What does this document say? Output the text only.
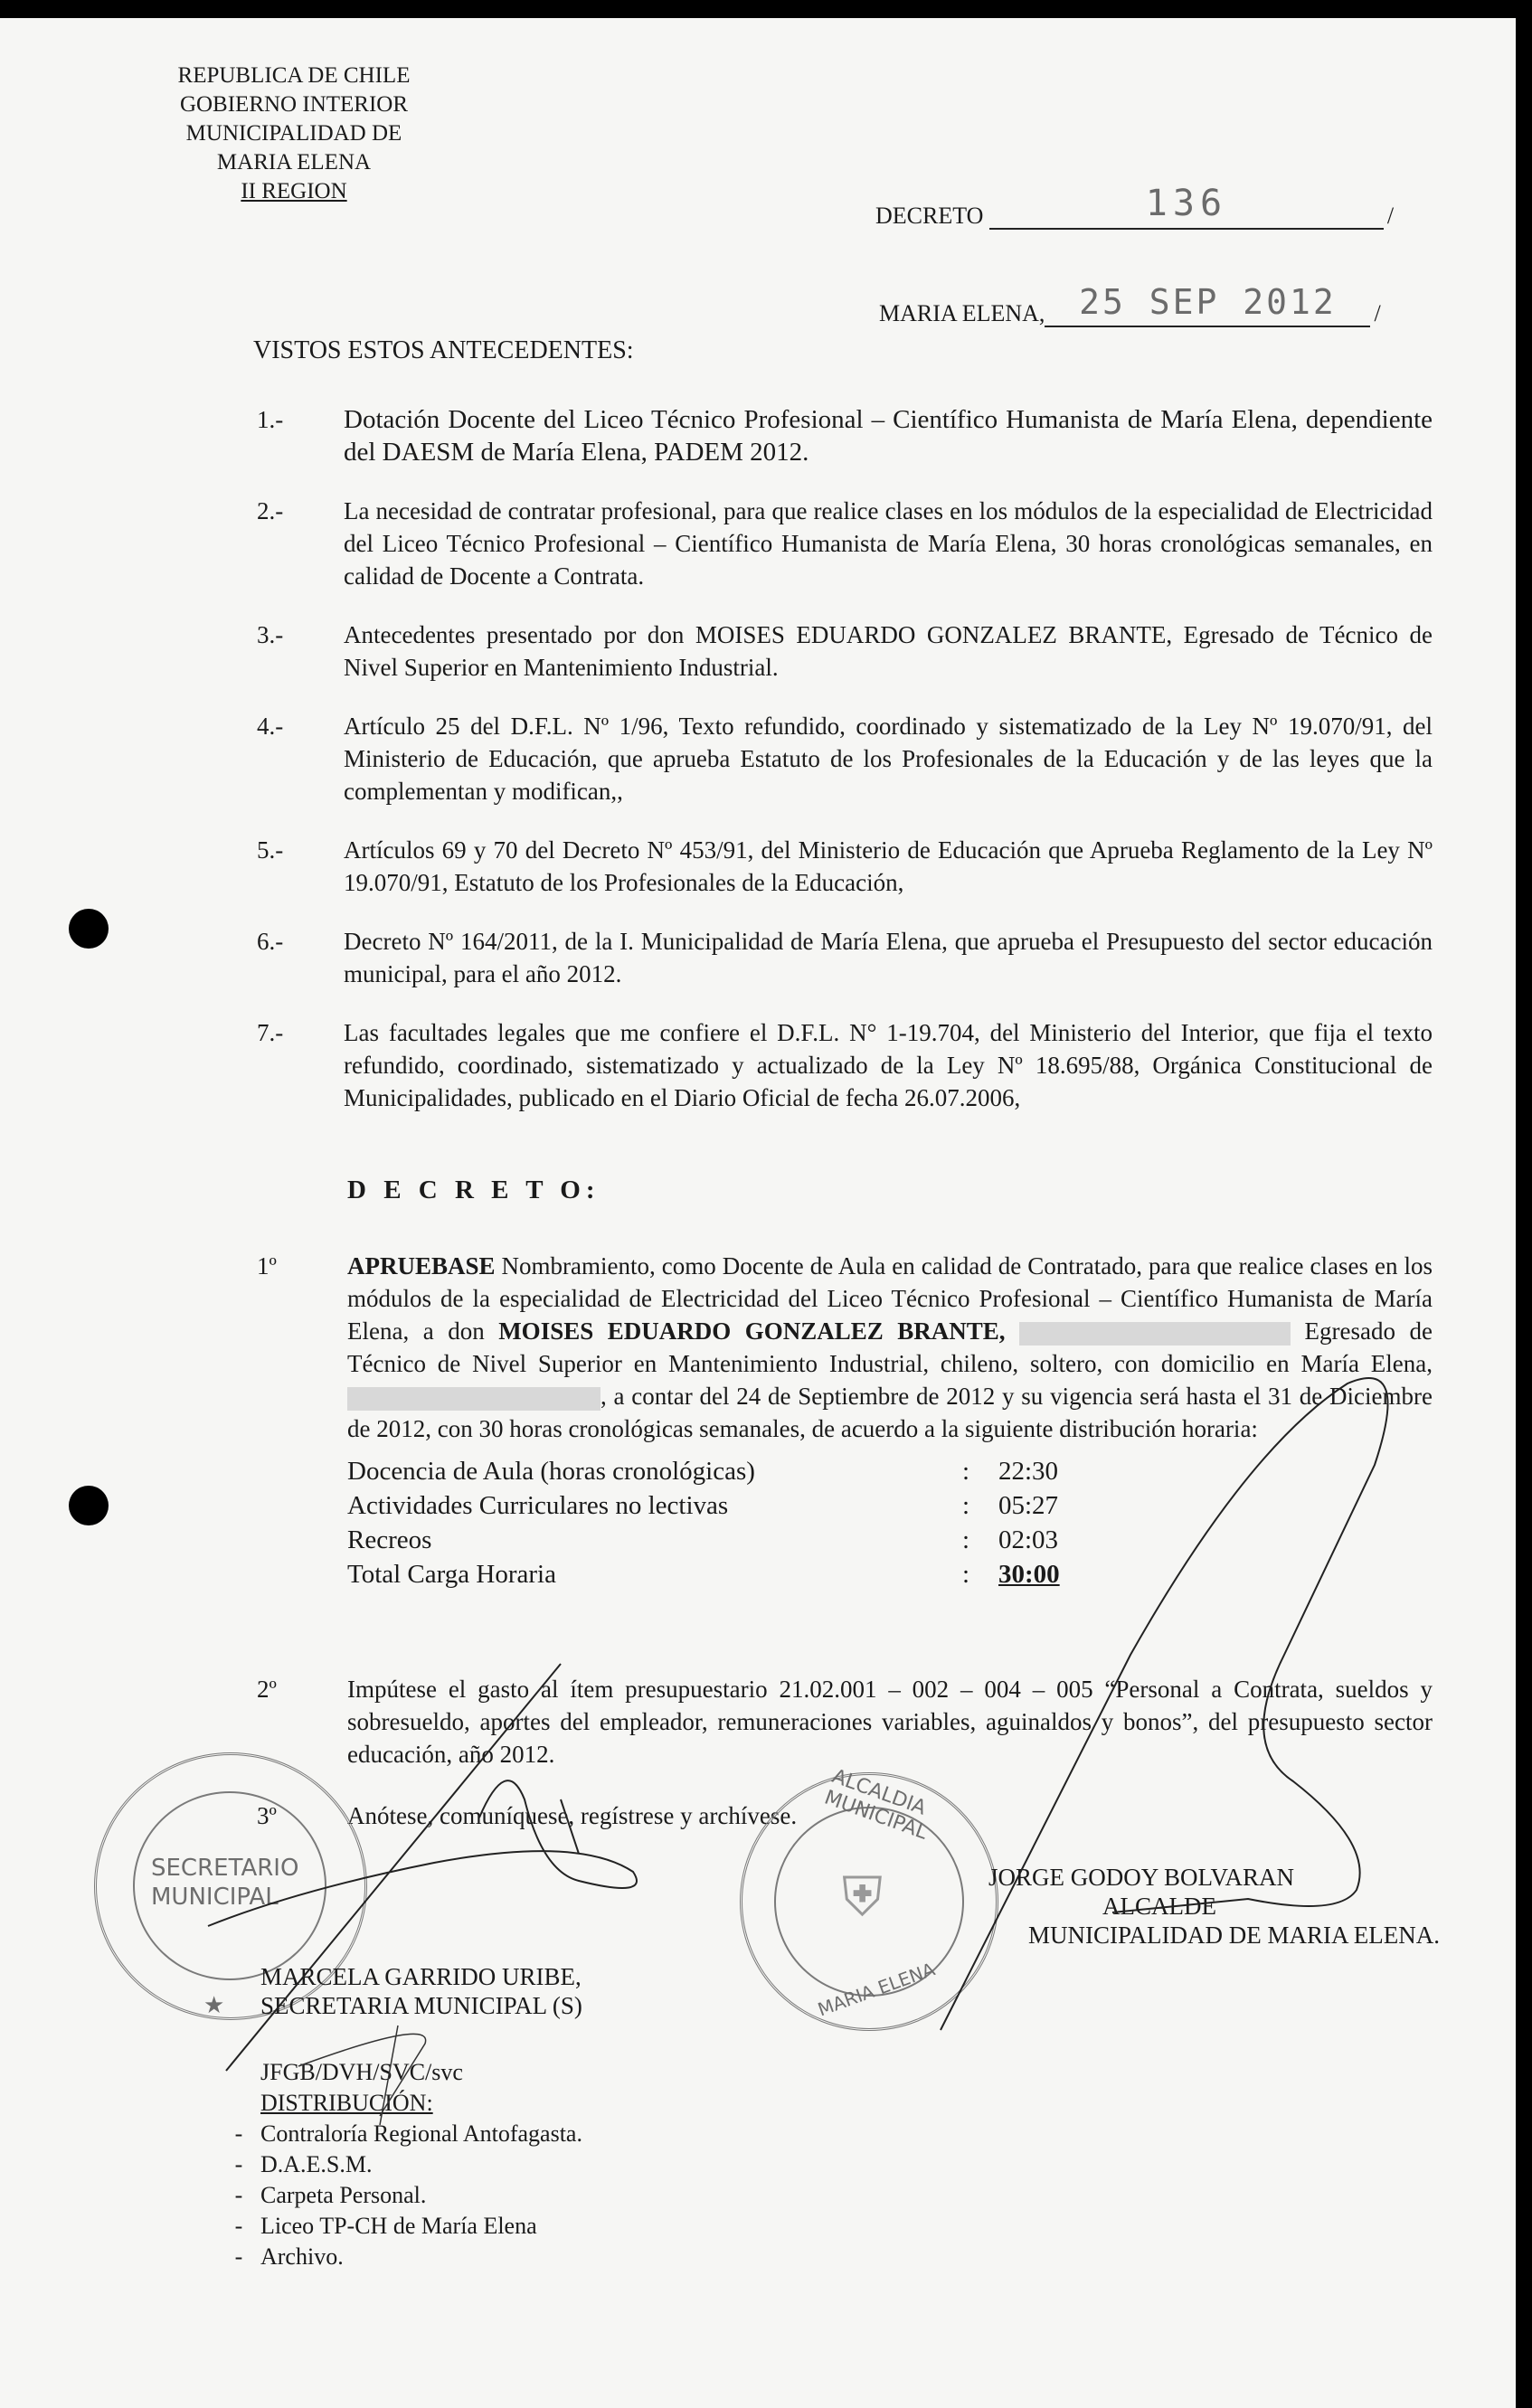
REPUBLICA DE CHILE
GOBIERNO INTERIOR
MUNICIPALIDAD DE
MARIA ELENA
II REGION
DECRETO	136	/
MARIA ELENA, 25 SEP 2012	/
VISTOS ESTOS ANTECEDENTES:
1.-	Dotación Docente del Liceo Técnico Profesional – Científico Humanista de María Elena, dependiente del DAESM de María Elena, PADEM 2012.
2.-	La necesidad de contratar profesional, para que realice clases en los módulos de la especialidad de Electricidad del Liceo Técnico Profesional – Científico Humanista de María Elena, 30 horas cronológicas semanales, en calidad de Docente a Contrata.
3.-	Antecedentes presentado por don MOISES EDUARDO GONZALEZ BRANTE, Egresado de Técnico de Nivel Superior en Mantenimiento Industrial.
4.-	Artículo 25 del D.F.L. Nº 1/96, Texto refundido, coordinado y sistematizado de la Ley Nº 19.070/91, del Ministerio de Educación, que aprueba Estatuto de los Profesionales de la Educación y de las leyes que la complementan y modifican,,
5.-	Artículos 69 y 70 del Decreto Nº 453/91, del Ministerio de Educación que Aprueba Reglamento de la Ley Nº 19.070/91, Estatuto de los Profesionales de la Educación,
6.-	Decreto Nº 164/2011, de la I. Municipalidad de María Elena, que aprueba el Presupuesto del sector educación municipal, para el año 2012.
7.-	Las facultades legales que me confiere el D.F.L. N° 1-19.704, del Ministerio del Interior, que fija el texto refundido, coordinado, sistematizado y actualizado de la Ley Nº 18.695/88, Orgánica Constitucional de Municipalidades, publicado en el Diario Oficial de fecha 26.07.2006,
D E C R E T O:
1º	APRUEBASE Nombramiento, como Docente de Aula en calidad de Contratado, para que realice clases en los módulos de la especialidad de Electricidad del Liceo Técnico Profesional – Científico Humanista de María Elena, a don MOISES EDUARDO GONZALEZ BRANTE,	Egresado de Técnico de Nivel Superior en Mantenimiento Industrial, chileno, soltero, con domicilio en María Elena, , a contar del 24 de Septiembre de 2012 y su vigencia será hasta el 31 de Diciembre de 2012, con 30 horas cronológicas semanales, de acuerdo a la siguiente distribución horaria:
Docencia de Aula (horas cronológicas)	:	22:30
Actividades Curriculares no lectivas	:	05:27
Recreos	:	02:03
Total Carga Horaria	:	30:00
2º	Impútese el gasto al ítem presupuestario 21.02.001 – 002 – 004 – 005 “Personal a Contrata, sueldos y sobresueldo, aportes del empleador, remuneraciones variables, aguinaldos y bonos”, del presupuesto sector educación, año 2012.
3º	Anótese, comuníquese, regístrese y archívese.
SECRETARIO
MUNICIPAL
★
ALCALDIA MUNICIPAL
MARIA ELENA
⛨
MARCELA GARRIDO URIBE,
SECRETARIA MUNICIPAL (S)
JORGE GODOY BOLVARAN
ALCALDE
MUNICIPALIDAD DE MARIA ELENA.
JFGB/DVH/SVC/svc
DISTRIBUCIÓN:
- Contraloría Regional Antofagasta.
- D.A.E.S.M.
- Carpeta Personal.
- Liceo TP-CH de María Elena
- Archivo.
